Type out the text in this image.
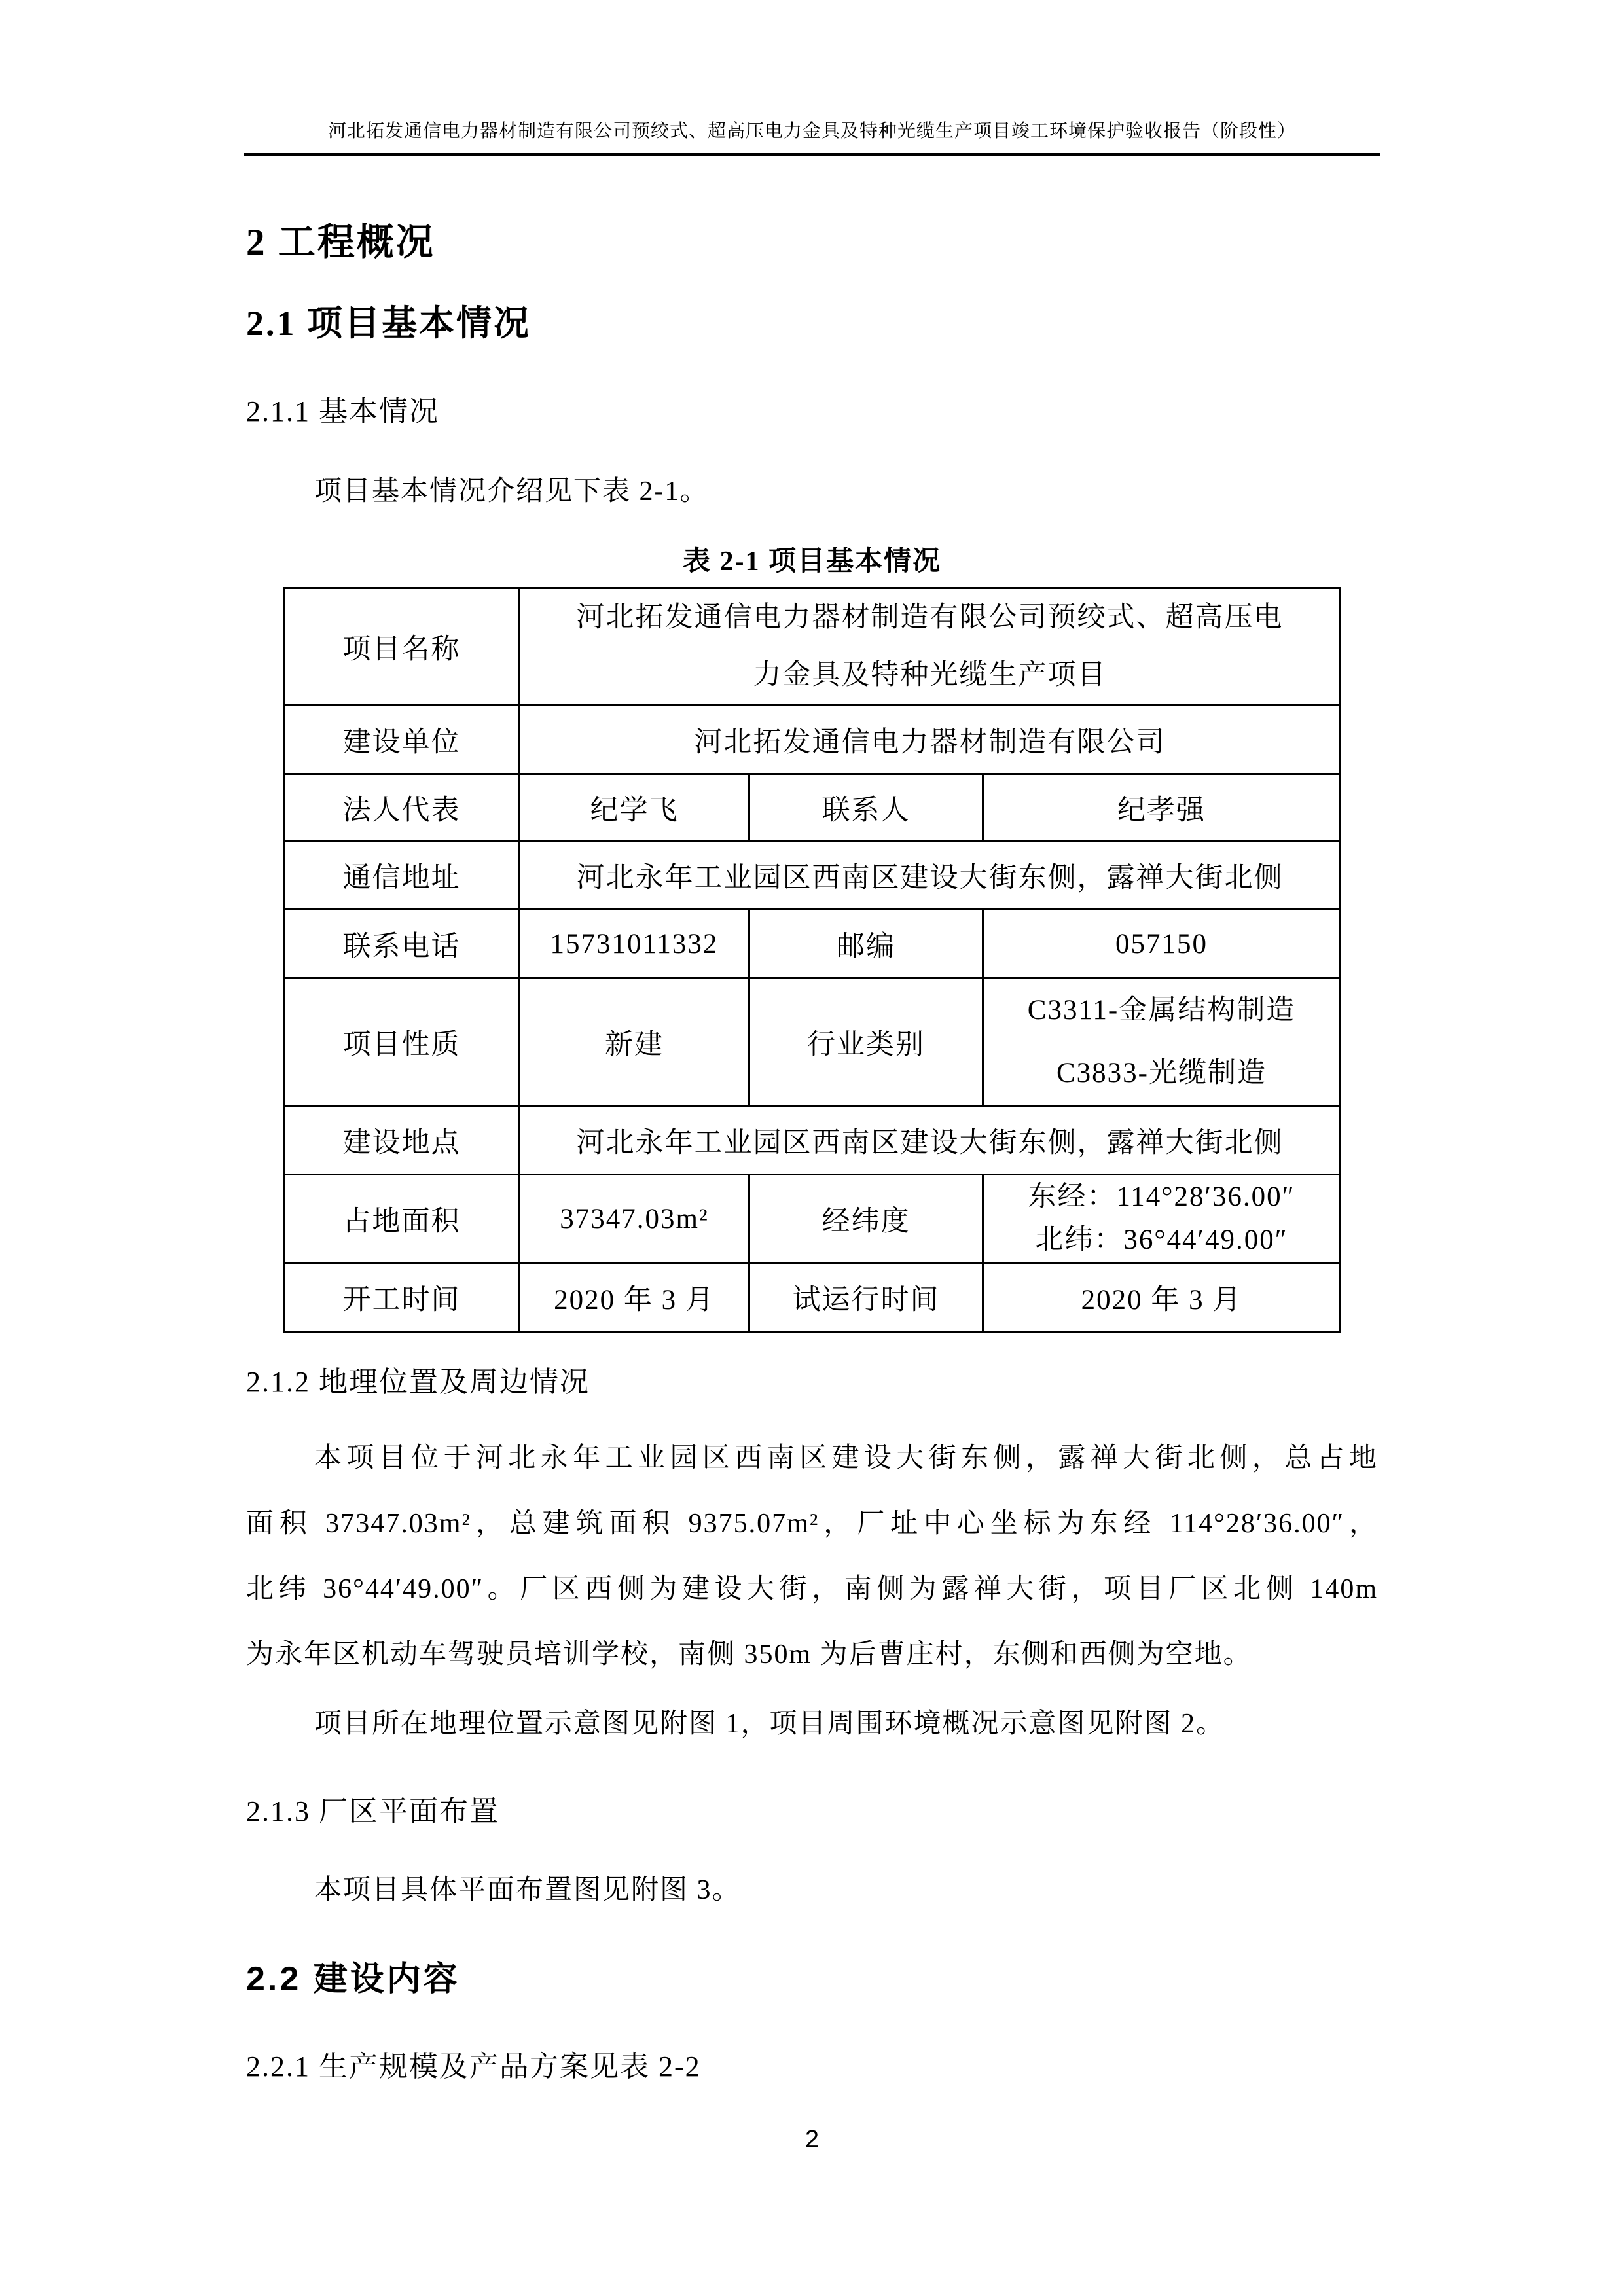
河北拓发通信电力器材制造有限公司预绞式、超高压电力金具及特种光缆生产项目竣工环境保护验收报告（阶段性）
2 工程概况
2.1 项目基本情况
2.1.1 基本情况
项目基本情况介绍见下表 2-1。
表 2-1 项目基本情况
项目名称	河北拓发通信电力器材制造有限公司预绞式、超高压电
力金具及特种光缆生产项目		

建设单位	河北拓发通信电力器材制造有限公司		
法人代表	纪学飞	联系人	纪孝强
通信地址	河北永年工业园区西南区建设大街东侧，露禅大街北侧		
联系电话	15731011332	邮编	057150
项目性质	新建	行业类别	C3311-金属结构制造
C3833-光缆制造

建设地点	河北永年工业园区西南区建设大街东侧，露禅大街北侧		
占地面积	37347.03m²	经纬度	东经：114°28′36.00″
北纬：36°44′49.00″

开工时间	2020 年 3 月	试运行时间	2020 年 3 月
2.1.2 地理位置及周边情况
本项目位于河北永年工业园区西南区建设大街东侧，露禅大街北侧，总占地
面积 37347.03m²，总建筑面积 9375.07m²，厂址中心坐标为东经 114°28′36.00″，
北纬 36°44′49.00″。厂区西侧为建设大街，南侧为露禅大街，项目厂区北侧 140m
为永年区机动车驾驶员培训学校，南侧 350m 为后曹庄村，东侧和西侧为空地。
项目所在地理位置示意图见附图 1，项目周围环境概况示意图见附图 2。
2.1.3 厂区平面布置
本项目具体平面布置图见附图 3。
2.2 建设内容
2.2.1 生产规模及产品方案见表 2-2
2
